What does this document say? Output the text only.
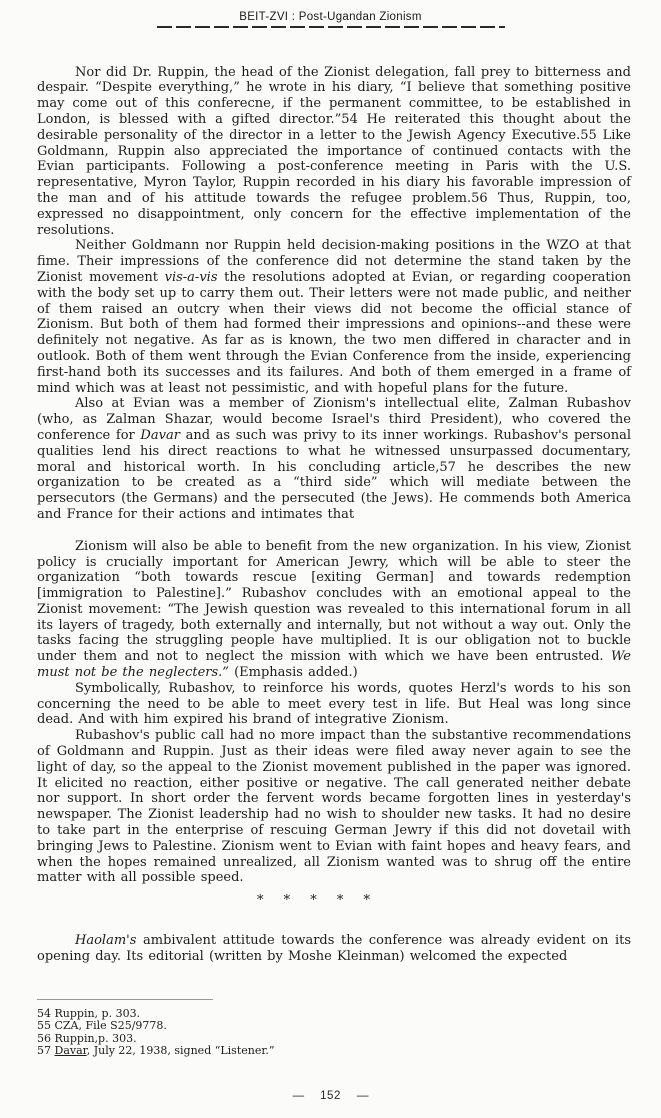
BEIT-ZVI : Post-Ugandan Zionism

Nor did Dr. Ruppin, the head of the Zionist delegation, fall prey to bitterness and despair. “Despite everything,” he wrote in his diary, “I believe that something positive may come out of this conferecne, if the permanent committee, to be established in London, is blessed with a gifted director.”54 He reiterated this thought about the desirable personality of the director in a letter to the Jewish Agency Executive.55 Like Goldmann, Ruppin also appreciated the importance of continued contacts with the Evian participants. Following a post-conference meeting in Paris with the U.S. representative, Myron Taylor, Ruppin recorded in his diary his favorable impression of the man and of his attitude towards the refugee problem.56 Thus, Ruppin, too, expressed no disappointment, only concern for the effective implementation of the resolutions.

Neither Goldmann nor Ruppin held decision-making positions in the WZO at that fime. Their impressions of the conference did not determine the stand taken by the Zionist movement vis-a-vis the resolutions adopted at Evian, or regarding cooperation with the body set up to carry them out. Their letters were not made public, and neither of them raised an outcry when their views did not become the official stance of Zionism. But both of them had formed their impressions and opinions--and these were definitely not negative. As far as is known, the two men differed in character and in outlook. Both of them went through the Evian Conference from the inside, experiencing first-hand both its successes and its failures. And both of them emerged in a frame of mind which was at least not pessimistic, and with hopeful plans for the future.

Also at Evian was a member of Zionism's intellectual elite, Zalman Rubashov (who, as Zalman Shazar, would become Israel's third President), who covered the conference for Davar and as such was privy to its inner workings. Rubashov's personal qualities lend his direct reactions to what he witnessed unsurpassed documentary, moral and historical worth. In his concluding article,57 he describes the new organization to be created as a “third side” which will mediate between the persecutors (the Germans) and the persecuted (the Jews). He commends both America and France for their actions and intimates that

Zionism will also be able to benefit from the new organization. In his view, Zionist policy is crucially important for American Jewry, which will be able to steer the organization “both towards rescue [exiting German] and towards redemption [immigration to Palestine].” Rubashov concludes with an emotional appeal to the Zionist movement: “The Jewish question was revealed to this international forum in all its layers of tragedy, both externally and internally, but not without a way out. Only the tasks facing the struggling people have multiplied. It is our obligation not to buckle under them and not to neglect the mission with which we have been entrusted. We must not be the neglecters.” (Emphasis added.)

Symbolically, Rubashov, to reinforce his words, quotes Herzl's words to his son concerning the need to be able to meet every test in life. But Heal was long since dead. And with him expired his brand of integrative Zionism.

Rubashov's public call had no more impact than the substantive recommendations of Goldmann and Ruppin. Just as their ideas were filed away never again to see the light of day, so the appeal to the Zionist movement published in the paper was ignored. It elicited no reaction, either positive or negative. The call generated neither debate nor support. In short order the fervent words became forgotten lines in yesterday's newspaper. The Zionist leadership had no wish to shoulder new tasks. It had no desire to take part in the enterprise of rescuing German Jewry if this did not dovetail with bringing Jews to Palestine. Zionism went to Evian with faint hopes and heavy fears, and when the hopes remained unrealized, all Zionism wanted was to shrug off the entire matter with all possible speed.

* * * * *

Haolam's ambivalent attitude towards the conference was already evident on its opening day. Its editorial (written by Moshe Kleinman) welcomed the expected

54 Ruppin, p. 303.
55 CZA, File S25/9778.
56 Ruppin,p. 303.
57 Davar, July 22, 1938, signed “Listener.”
— 152 —
